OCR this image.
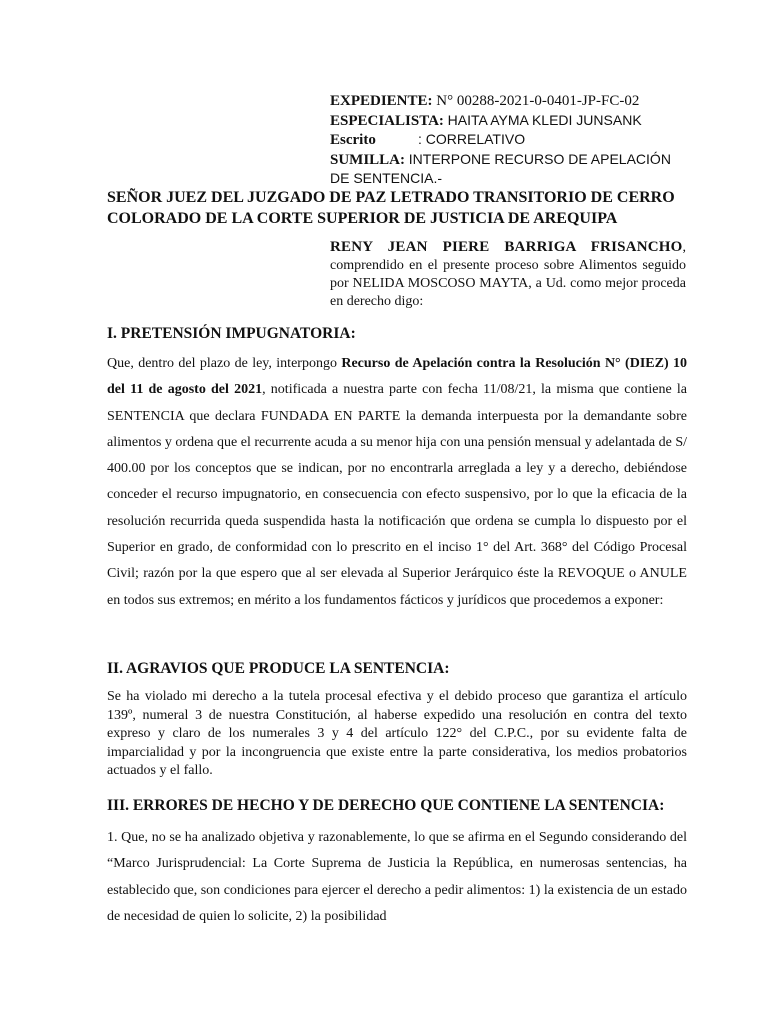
EXPEDIENTE: N° 00288-2021-0-0401-JP-FC-02
ESPECIALISTA: HAITA AYMA KLEDI JUNSANK
Escrito	: CORRELATIVO
SUMILLA: INTERPONE RECURSO DE APELACIÓN
DE SENTENCIA.-
SEÑOR JUEZ DEL JUZGADO DE PAZ LETRADO TRANSITORIO DE CERRO COLORADO DE LA CORTE SUPERIOR DE JUSTICIA DE AREQUIPA
RENY JEAN PIERE BARRIGA FRISANCHO, comprendido en el presente proceso sobre Alimentos seguido por NELIDA MOSCOSO MAYTA, a Ud. como mejor proceda en derecho digo:
I. PRETENSIÓN IMPUGNATORIA:

Que, dentro del plazo de ley, interpongo Recurso de Apelación contra la Resolución N° (DIEZ) 10 del 11 de agosto del 2021, notificada a nuestra parte con fecha 11/08/21, la misma que contiene la SENTENCIA que declara FUNDADA EN PARTE la demanda interpuesta por la demandante sobre alimentos y ordena que el recurrente acuda a su menor hija con una pensión mensual y adelantada de S/ 400.00 por los conceptos que se indican, por no encontrarla arreglada a ley y a derecho, debiéndose conceder el recurso impugnatorio, en consecuencia con efecto suspensivo, por lo que la eficacia de la resolución recurrida queda suspendida hasta la notificación que ordena se cumpla lo dispuesto por el Superior en grado, de conformidad con lo prescrito en el inciso 1° del Art. 368° del Código Procesal Civil; razón por la que espero que al ser elevada al Superior Jerárquico éste la REVOQUE o ANULE en todos sus extremos; en mérito a los fundamentos fácticos y jurídicos que procedemos a exponer:

II. AGRAVIOS QUE PRODUCE LA SENTENCIA:

Se ha violado mi derecho a la tutela procesal efectiva y el debido proceso que garantiza el artículo 139º, numeral 3 de nuestra Constitución, al haberse expedido una resolución en contra del texto expreso y claro de los numerales 3 y 4 del artículo 122° del C.P.C., por su evidente falta de imparcialidad y por la incongruencia que existe entre la parte considerativa, los medios probatorios actuados y el fallo.

III. ERRORES DE HECHO Y DE DERECHO QUE CONTIENE LA SENTENCIA:

1. Que, no se ha analizado objetiva y razonablemente, lo que se afirma en el Segundo considerando del “Marco Jurisprudencial: La Corte Suprema de Justicia la República, en numerosas sentencias, ha establecido que, son condiciones para ejercer el derecho a pedir alimentos: 1) la existencia de un estado de necesidad de quien lo solicite, 2) la posibilidad
